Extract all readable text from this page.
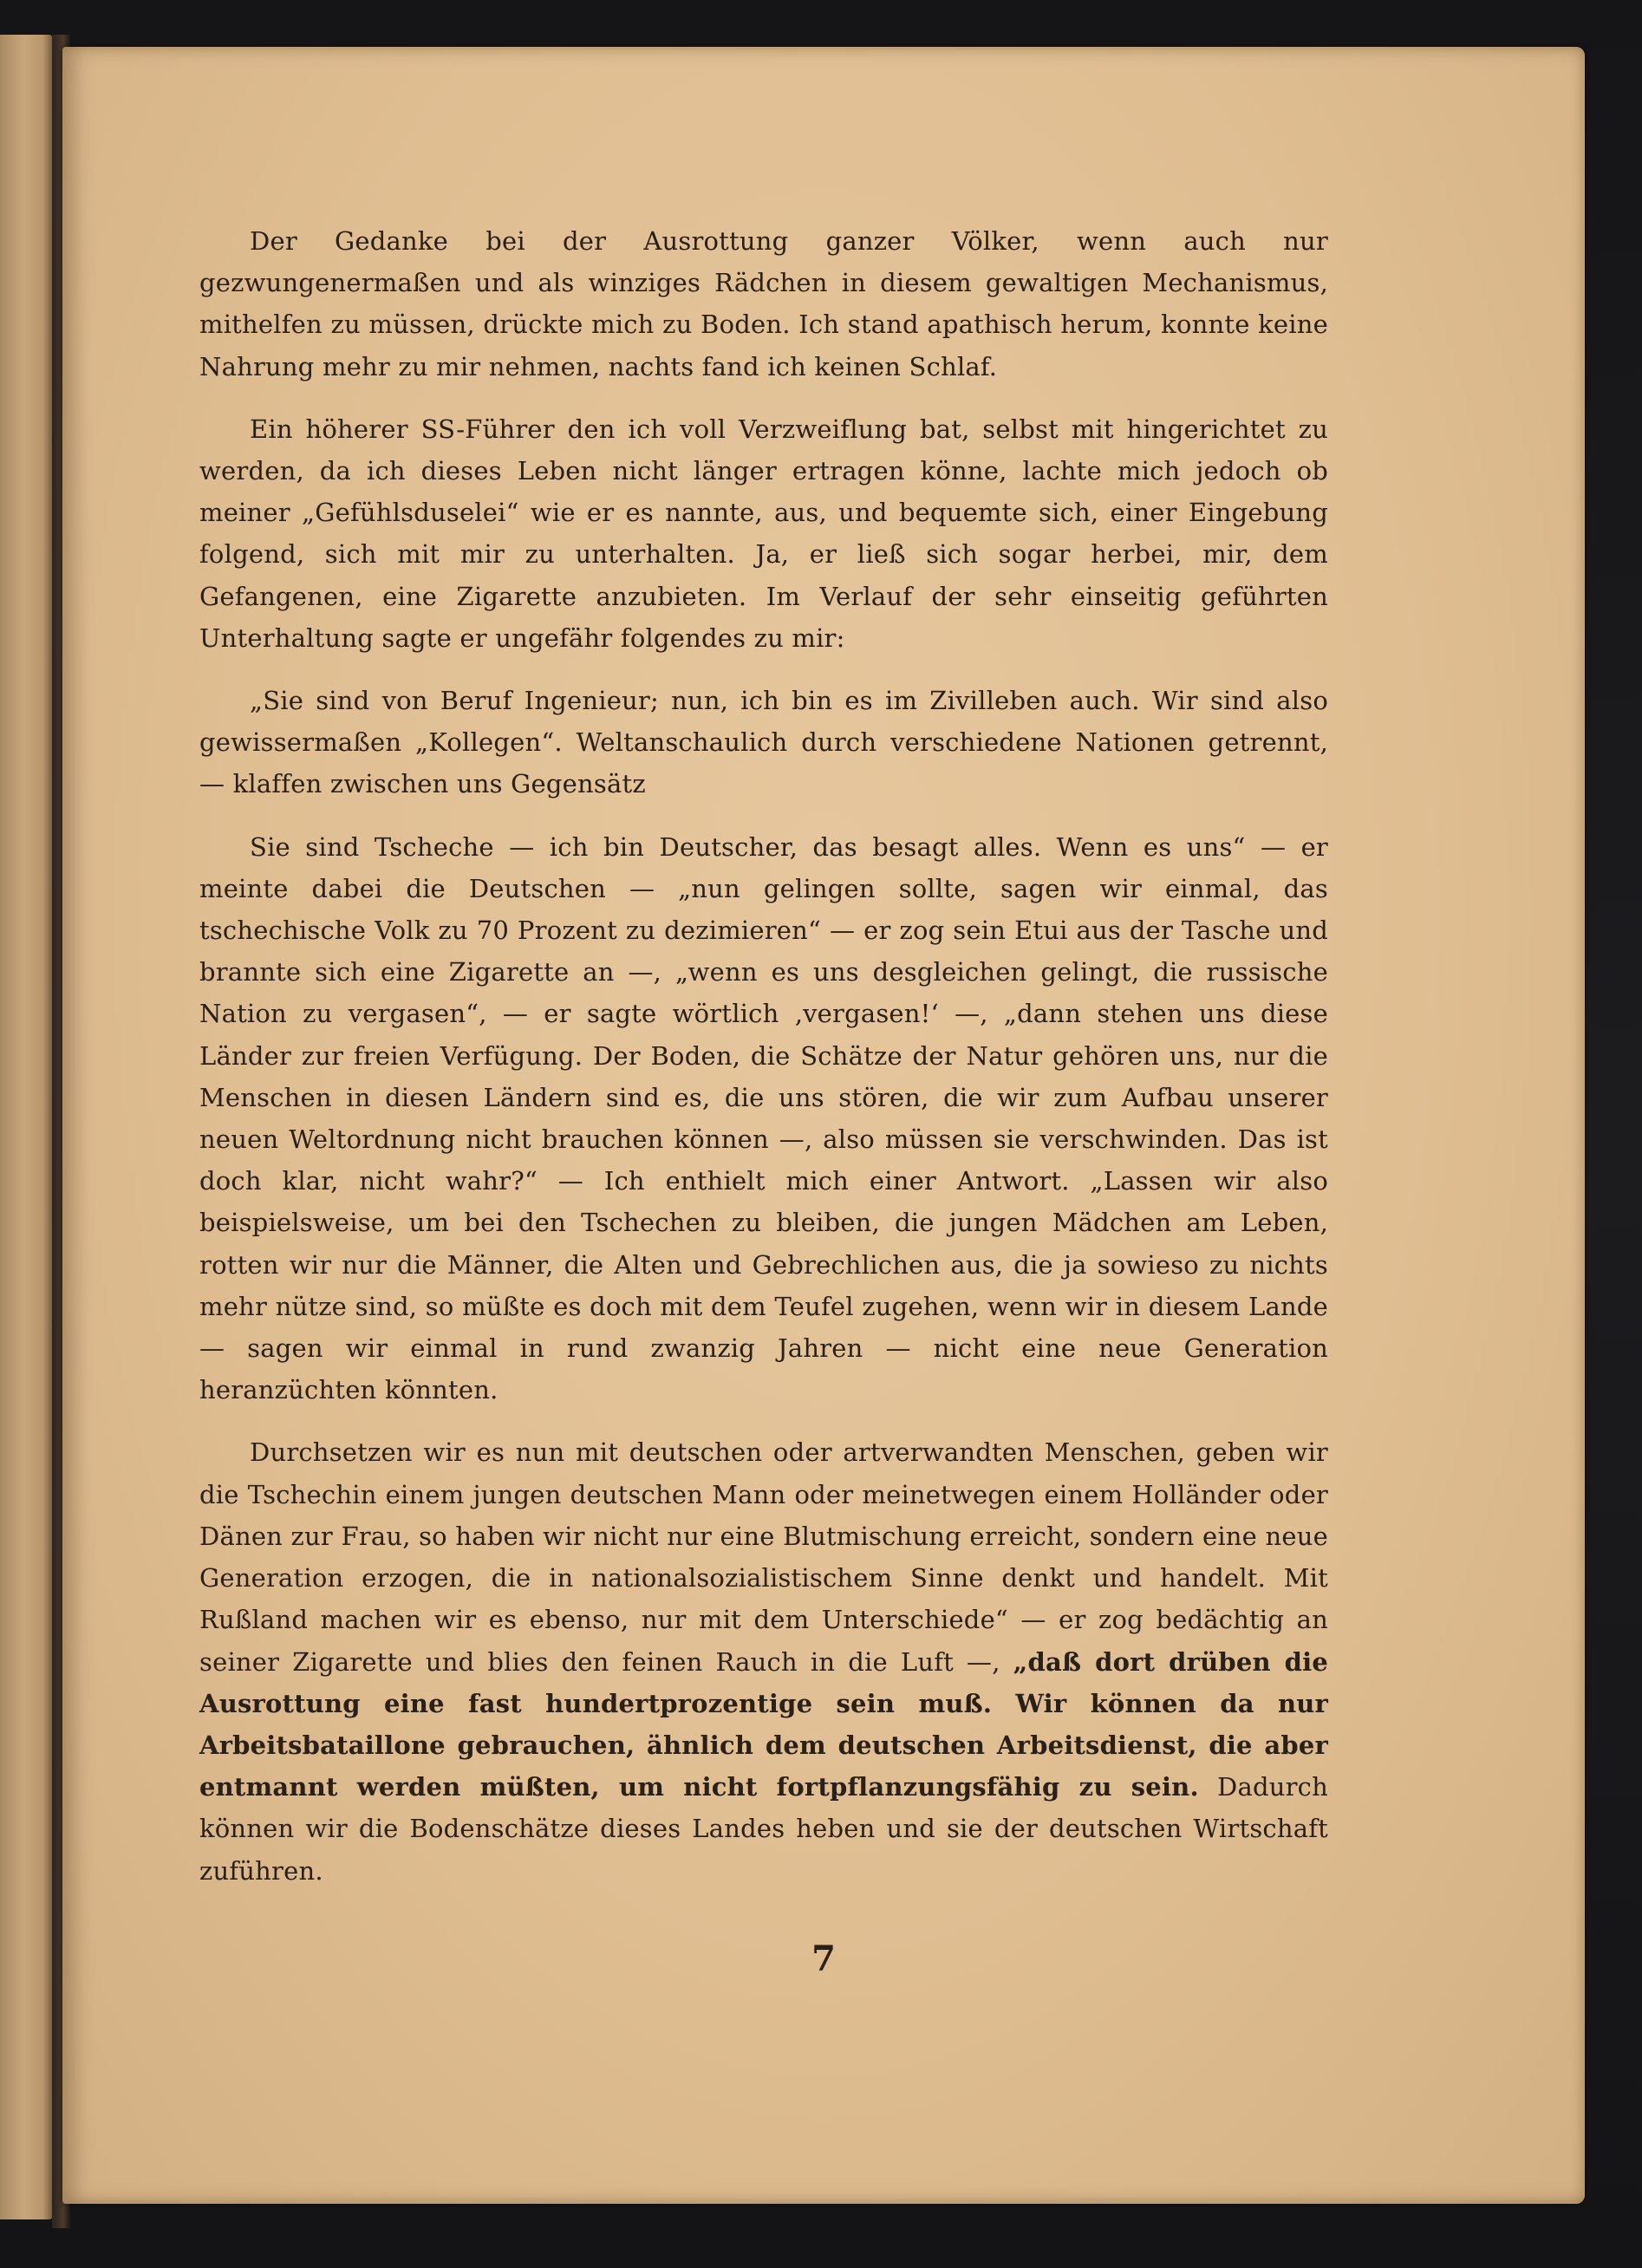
Der Gedanke bei der Ausrottung ganzer Völker, wenn auch nur gezwungenermaßen und als winziges Rädchen in diesem gewaltigen Mechanismus, mithelfen zu müssen, drückte mich zu Boden. Ich stand apathisch herum, konnte keine Nahrung mehr zu mir nehmen, nachts fand ich keinen Schlaf.

Ein höherer SS-Führer den ich voll Verzweiflung bat, selbst mit hingerichtet zu werden, da ich dieses Leben nicht länger ertragen könne, lachte mich jedoch ob meiner „Gefühlsduselei“ wie er es nannte, aus, und bequemte sich, einer Eingebung folgend, sich mit mir zu unterhalten. Ja, er ließ sich sogar herbei, mir, dem Gefangenen, eine Zigarette anzubieten. Im Verlauf der sehr einseitig geführten Unterhaltung sagte er ungefähr folgendes zu mir:

„Sie sind von Beruf Ingenieur; nun, ich bin es im Zivilleben auch. Wir sind also gewissermaßen „Kollegen“. Weltanschaulich durch verschiedene Nationen getrennt, — klaffen zwischen uns Gegensätz

Sie sind Tscheche — ich bin Deutscher, das besagt alles. Wenn es uns“ — er meinte dabei die Deutschen — „nun gelingen sollte, sagen wir einmal, das tschechische Volk zu 70 Prozent zu dezimieren“ — er zog sein Etui aus der Tasche und brannte sich eine Zigarette an —, „wenn es uns desgleichen gelingt, die russische Nation zu vergasen“, — er sagte wörtlich ‚vergasen!‘ —, „dann stehen uns diese Länder zur freien Verfügung. Der Boden, die Schätze der Natur gehören uns, nur die Menschen in diesen Ländern sind es, die uns stören, die wir zum Aufbau unserer neuen Weltordnung nicht brauchen können —, also müssen sie verschwinden. Das ist doch klar, nicht wahr?“ — Ich enthielt mich einer Antwort. „Lassen wir also beispielsweise, um bei den Tschechen zu bleiben, die jungen Mädchen am Leben, rotten wir nur die Männer, die Alten und Gebrechlichen aus, die ja sowieso zu nichts mehr nütze sind, so müßte es doch mit dem Teufel zugehen, wenn wir in diesem Lande — sagen wir einmal in rund zwanzig Jahren — nicht eine neue Generation heranzüchten könnten.

Durchsetzen wir es nun mit deutschen oder artverwandten Menschen, geben wir die Tschechin einem jungen deutschen Mann oder meinetwegen einem Holländer oder Dänen zur Frau, so haben wir nicht nur eine Blutmischung erreicht, sondern eine neue Generation erzogen, die in nationalsozialistischem Sinne denkt und handelt. Mit Rußland machen wir es ebenso, nur mit dem Unterschiede“ — er zog bedächtig an seiner Zigarette und blies den feinen Rauch in die Luft —, „daß dort drüben die Ausrottung eine fast hundertprozentige sein muß. Wir können da nur Arbeitsbataillone gebrauchen, ähnlich dem deutschen Arbeitsdienst, die aber entmannt werden müßten, um nicht fortpflanzungsfähig zu sein. Dadurch können wir die Bodenschätze dieses Landes heben und sie der deutschen Wirtschaft zuführen.

7
